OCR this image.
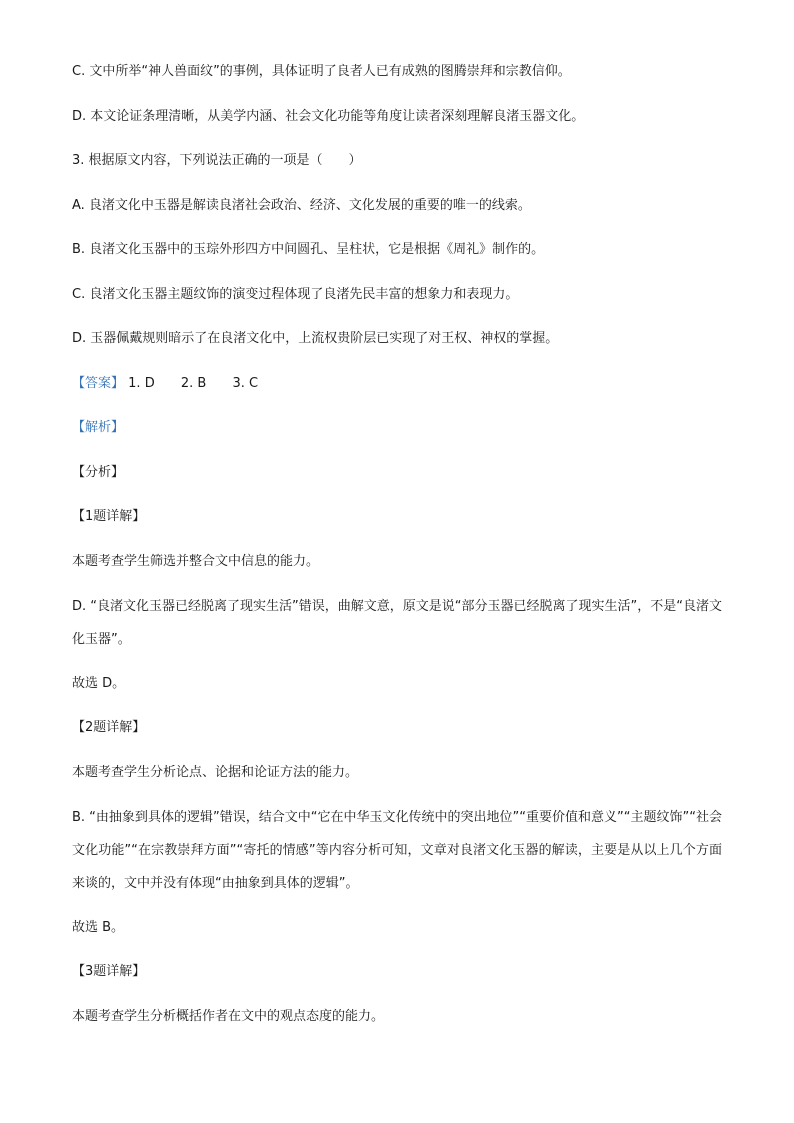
C. 文中所举“神人兽面纹”的事例，具体证明了良者人已有成熟的图腾崇拜和宗教信仰。

D. 本文论证条理清晰，从美学内涵、社会文化功能等角度让读者深刻理解良渚玉器文化。

3. 根据原文内容，下列说法正确的一项是（　　）

A. 良渚文化中玉器是解读良渚社会政治、经济、文化发展的重要的唯一的线索。

B. 良渚文化玉器中的玉琮外形四方中间圆孔、呈柱状，它是根据《周礼》制作的。

C. 良渚文化玉器主题纹饰的演变过程体现了良渚先民丰富的想象力和表现力。

D. 玉器佩戴规则暗示了在良渚文化中，上流权贵阶层已实现了对王权、神权的掌握。

【答案】 1. D 2. B 3. C

【解析】

【分析】

【1题详解】

本题考查学生筛选并整合文中信息的能力。

D. “良渚文化玉器已经脱离了现实生活”错误，曲解文意，原文是说“部分玉器已经脱离了现实生活”，不是“良渚文化玉器”。

故选 D。

【2题详解】

本题考查学生分析论点、论据和论证方法的能力。

B. “由抽象到具体的逻辑”错误，结合文中“它在中华玉文化传统中的突出地位”“重要价值和意义”“主题纹饰”“社会文化功能”“在宗教崇拜方面”“寄托的情感”等内容分析可知，文章对良渚文化玉器的解读，主要是从以上几个方面来谈的，文中并没有体现“由抽象到具体的逻辑”。

故选 B。

【3题详解】

本题考查学生分析概括作者在文中的观点态度的能力。
